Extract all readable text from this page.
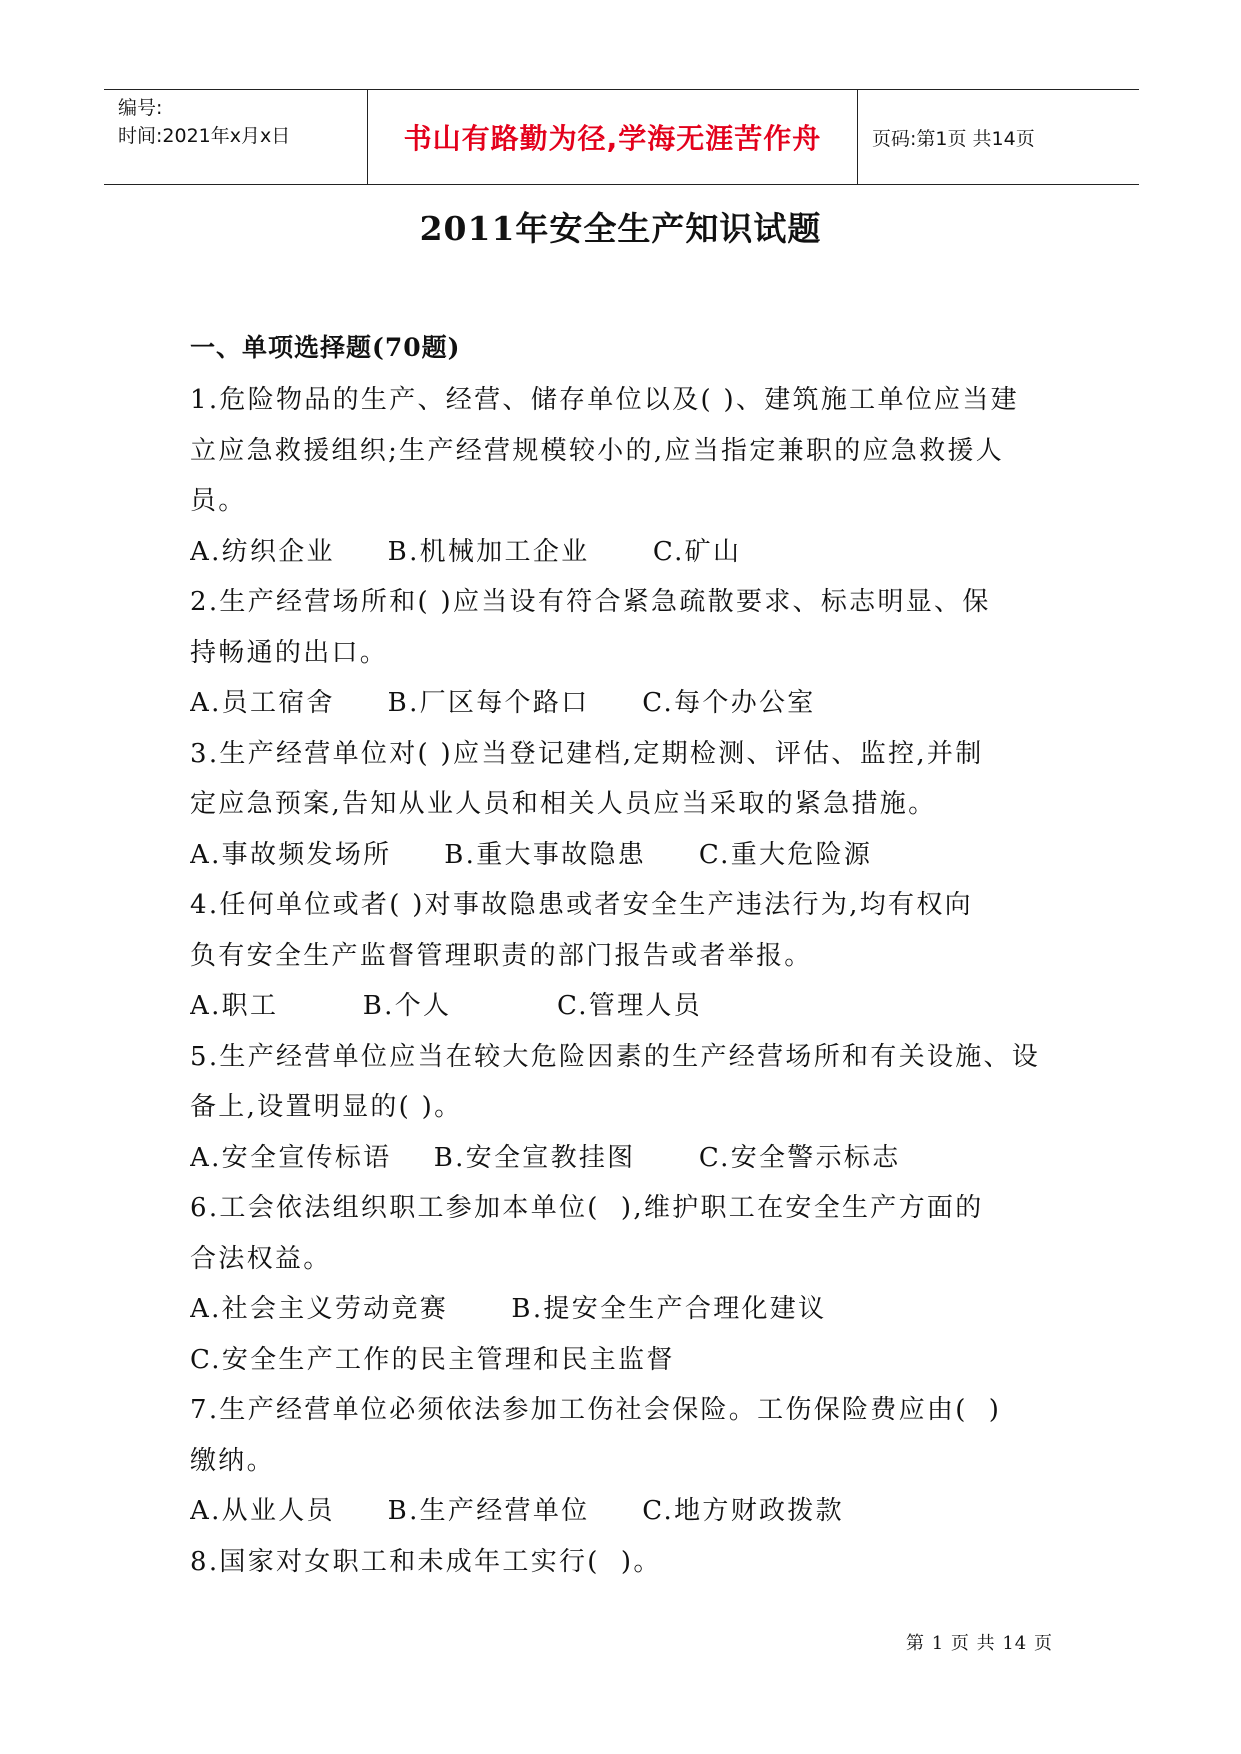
编号:
时间:2021年x月x日	书山有路勤为径,学海无涯苦作舟	页码:第1页 共14页
2011年安全生产知识试题
一、单项选择题(70题)
1.危险物品的生产、经营、储存单位以及( )、建筑施工单位应当建
立应急救援组织;生产经营规模较小的,应当指定兼职的应急救援人
员。
A.纺织企业     B.机械加工企业      C.矿山
2.生产经营场所和( )应当设有符合紧急疏散要求、标志明显、保
持畅通的出口。
A.员工宿舍     B.厂区每个路口     C.每个办公室
3.生产经营单位对( )应当登记建档,定期检测、评估、监控,并制
定应急预案,告知从业人员和相关人员应当采取的紧急措施。
A.事故频发场所     B.重大事故隐患     C.重大危险源
4.任何单位或者( )对事故隐患或者安全生产违法行为,均有权向
负有安全生产监督管理职责的部门报告或者举报。
A.职工        B.个人          C.管理人员
5.生产经营单位应当在较大危险因素的生产经营场所和有关设施、设
备上,设置明显的( )。
A.安全宣传标语    B.安全宣教挂图      C.安全警示标志
6.工会依法组织职工参加本单位(  ),维护职工在安全生产方面的
合法权益。
A.社会主义劳动竞赛      B.提安全生产合理化建议
C.安全生产工作的民主管理和民主监督
7.生产经营单位必须依法参加工伤社会保险。工伤保险费应由(  )
缴纳。
A.从业人员     B.生产经营单位     C.地方财政拨款
8.国家对女职工和未成年工实行(  )。
第 1 页 共 14 页
